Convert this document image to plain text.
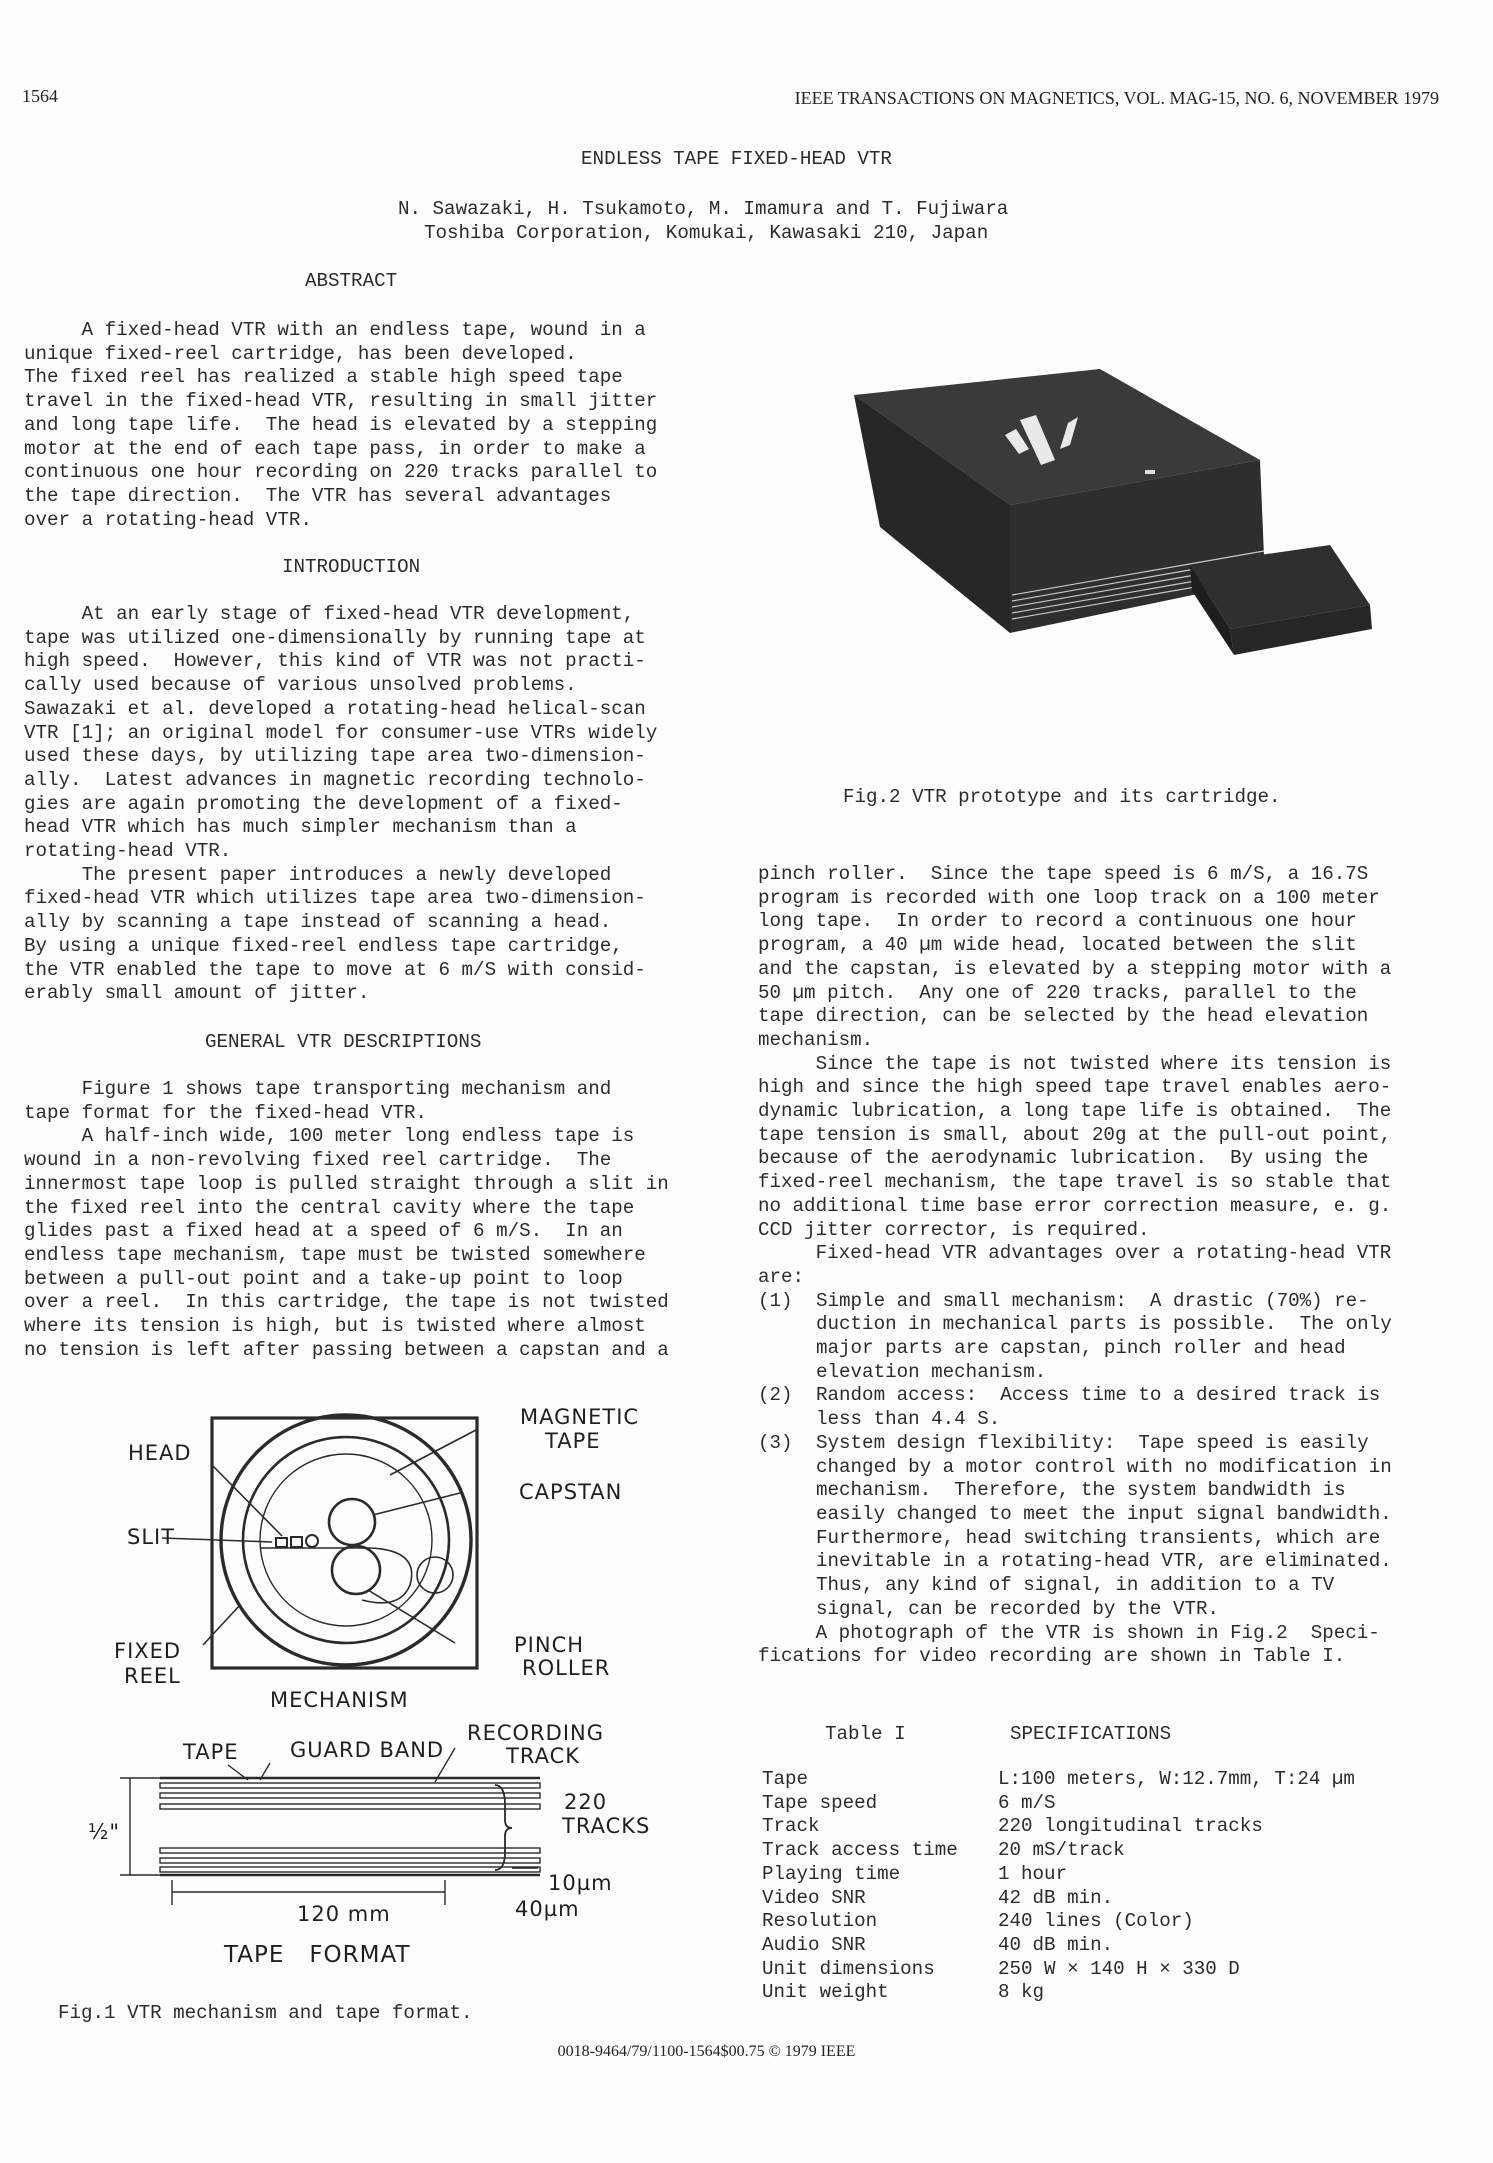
1564	IEEE TRANSACTIONS ON MAGNETICS, VOL. MAG-15, NO. 6, NOVEMBER 1979
ENDLESS TAPE FIXED-HEAD VTR
N. Sawazaki, H. Tsukamoto, M. Imamura and T. Fujiwara
Toshiba Corporation, Komukai, Kawasaki 210, Japan
ABSTRACT

A fixed-head VTR with an endless tape, wound in a

unique fixed-reel cartridge, has been developed.

The fixed reel has realized a stable high speed tape

travel in the fixed-head VTR, resulting in small jitter

and long tape life.  The head is elevated by a stepping

motor at the end of each tape pass, in order to make a

continuous one hour recording on 220 tracks parallel to

the tape direction.  The VTR has several advantages

over a rotating-head VTR.

INTRODUCTION

At an early stage of fixed-head VTR development,

tape was utilized one-dimensionally by running tape at

high speed.  However, this kind of VTR was not practi-

cally used because of various unsolved problems.

Sawazaki et al. developed a rotating-head helical-scan

VTR [1]; an original model for consumer-use VTRs widely

used these days, by utilizing tape area two-dimension-

ally.  Latest advances in magnetic recording technolo-

gies are again promoting the development of a fixed-

head VTR which has much simpler mechanism than a

rotating-head VTR.

The present paper introduces a newly developed

fixed-head VTR which utilizes tape area two-dimension-

ally by scanning a tape instead of scanning a head.

By using a unique fixed-reel endless tape cartridge,

the VTR enabled the tape to move at 6 m/S with consid-

erably small amount of jitter.

GENERAL VTR DESCRIPTIONS

Figure 1 shows tape transporting mechanism and

tape format for the fixed-head VTR.

A half-inch wide, 100 meter long endless tape is

wound in a non-revolving fixed reel cartridge.  The

innermost tape loop is pulled straight through a slit in

the fixed reel into the central cavity where the tape

glides past a fixed head at a speed of 6 m/S.  In an

endless tape mechanism, tape must be twisted somewhere

between a pull-out point and a take-up point to loop

over a reel.  In this cartridge, the tape is not twisted

where its tension is high, but is twisted where almost

no tension is left after passing between a capstan and a

HEAD
MAGNETIC
TAPE
CAPSTAN
SLIT
FIXED
REEL
PINCH
ROLLER
MECHANISM
RECORDING
TRACK
TAPE GUARD BAND
½"
220
TRACKS
10µm
40µm
120 mm
TAPE   FORMAT
Fig.1 VTR mechanism and tape format.
Fig.2 VTR prototype and its cartridge.

pinch roller.  Since the tape speed is 6 m/S, a 16.7S

program is recorded with one loop track on a 100 meter

long tape.  In order to record a continuous one hour

program, a 40 µm wide head, located between the slit

and the capstan, is elevated by a stepping motor with a

50 µm pitch.  Any one of 220 tracks, parallel to the

tape direction, can be selected by the head elevation

mechanism.

Since the tape is not twisted where its tension is

high and since the high speed tape travel enables aero-

dynamic lubrication, a long tape life is obtained.  The

tape tension is small, about 20g at the pull-out point,

because of the aerodynamic lubrication.  By using the

fixed-reel mechanism, the tape travel is so stable that

no additional time base error correction measure, e. g.

CCD jitter corrector, is required.

Fixed-head VTR advantages over a rotating-head VTR

are:

(1) Simple and small mechanism:  A drastic (70%) re-

duction in mechanical parts is possible.  The only

major parts are capstan, pinch roller and head

elevation mechanism.

(2) Random access:  Access time to a desired track is

less than 4.4 S.

(3) System design flexibility:  Tape speed is easily

changed by a motor control with no modification in

mechanism.  Therefore, the system bandwidth is

easily changed to meet the input signal bandwidth.

Furthermore, head switching transients, which are

inevitable in a rotating-head VTR, are eliminated.

Thus, any kind of signal, in addition to a TV

signal, can be recorded by the VTR.

A photograph of the VTR is shown in Fig.2  Speci-

fications for video recording are shown in Table I.

Table I	SPECIFICATIONS
Tape	L:100 meters, W:12.7mm, T:24 µm
Tape speed	6 m/S
Track	220 longitudinal tracks
Track access time	20 mS/track
Playing time	1 hour
Video SNR	42 dB min.
Resolution	240 lines (Color)
Audio SNR	40 dB min.
Unit dimensions	250 W × 140 H × 330 D
Unit weight	8 kg
0018-9464/79/1100-1564$00.75 © 1979 IEEE
